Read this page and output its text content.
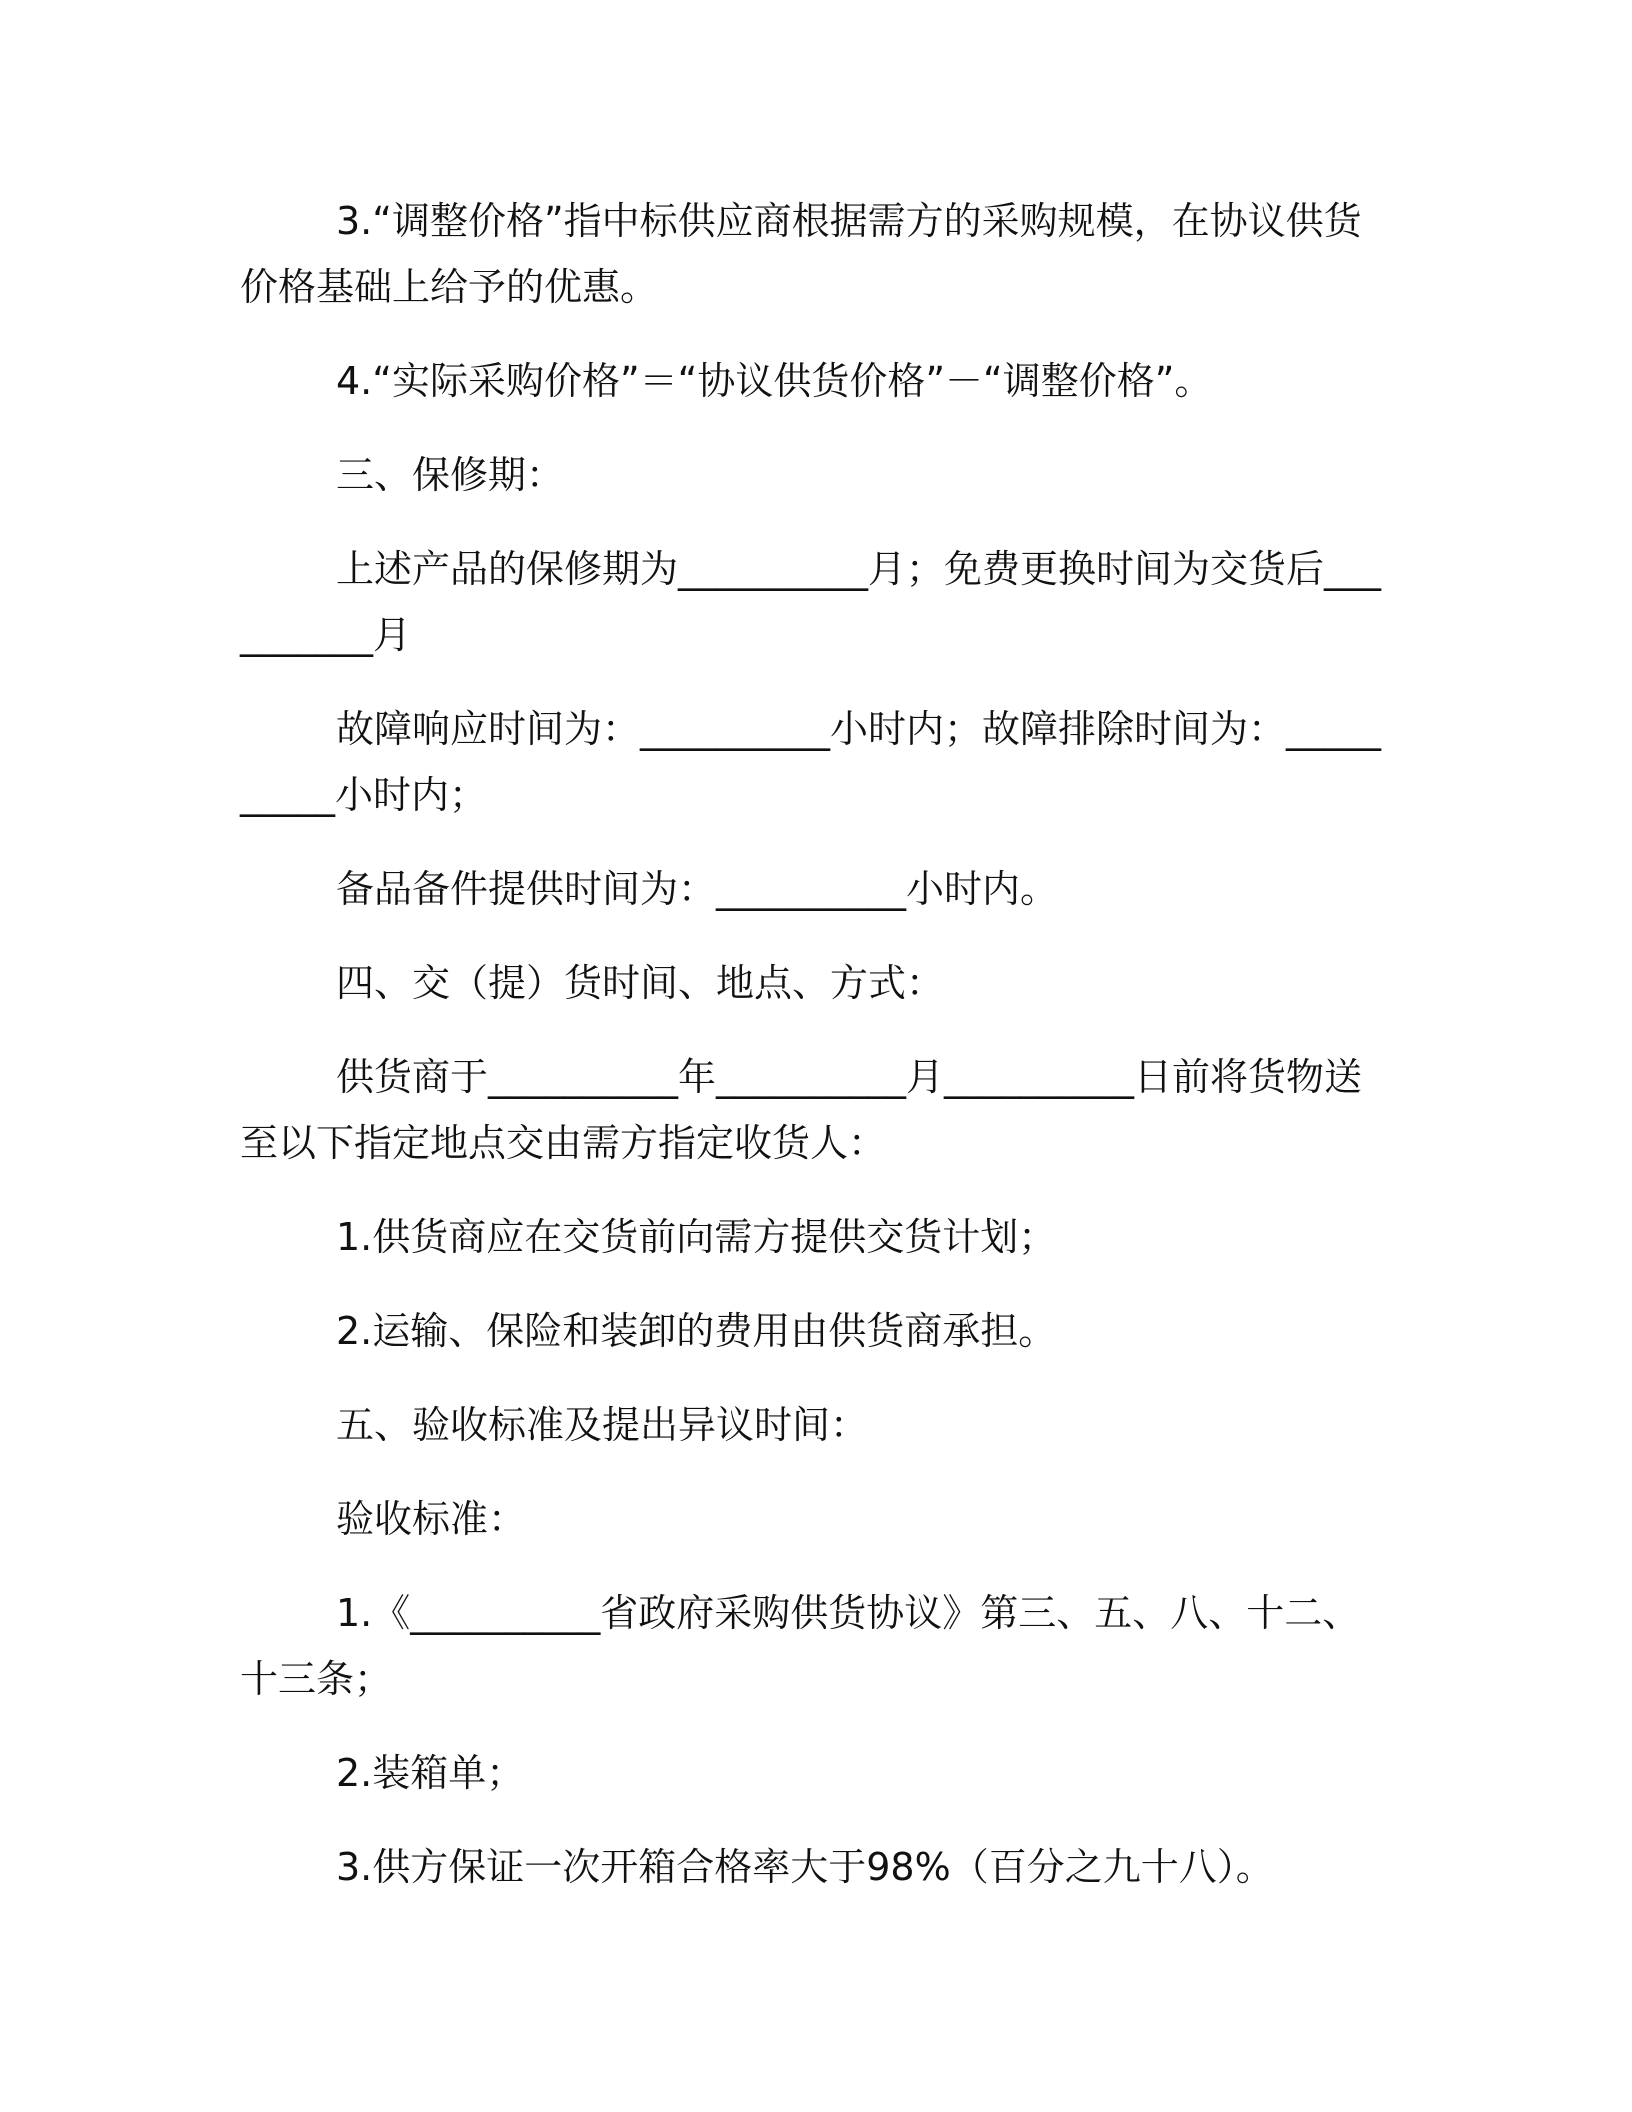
3.“调整价格”指中标供应商根据需方的采购规模，在协议供货价格基础上给予的优惠。

4.“实际采购价格”＝“协议供货价格”－“调整价格”。

三、保修期：

上述产品的保修期为__________月；免费更换时间为交货后__________月

故障响应时间为：__________小时内；故障排除时间为：__________小时内；

备品备件提供时间为：__________小时内。

四、交（提）货时间、地点、方式：

供货商于__________年__________月__________日前将货物送至以下指定地点交由需方指定收货人：

1.供货商应在交货前向需方提供交货计划；

2.运输、保险和装卸的费用由供货商承担。

五、验收标准及提出异议时间：

验收标准：

1.《__________省政府采购供货协议》第三、五、八、十二、十三条；

2.装箱单；

3.供方保证一次开箱合格率大于98%（百分之九十八）。
